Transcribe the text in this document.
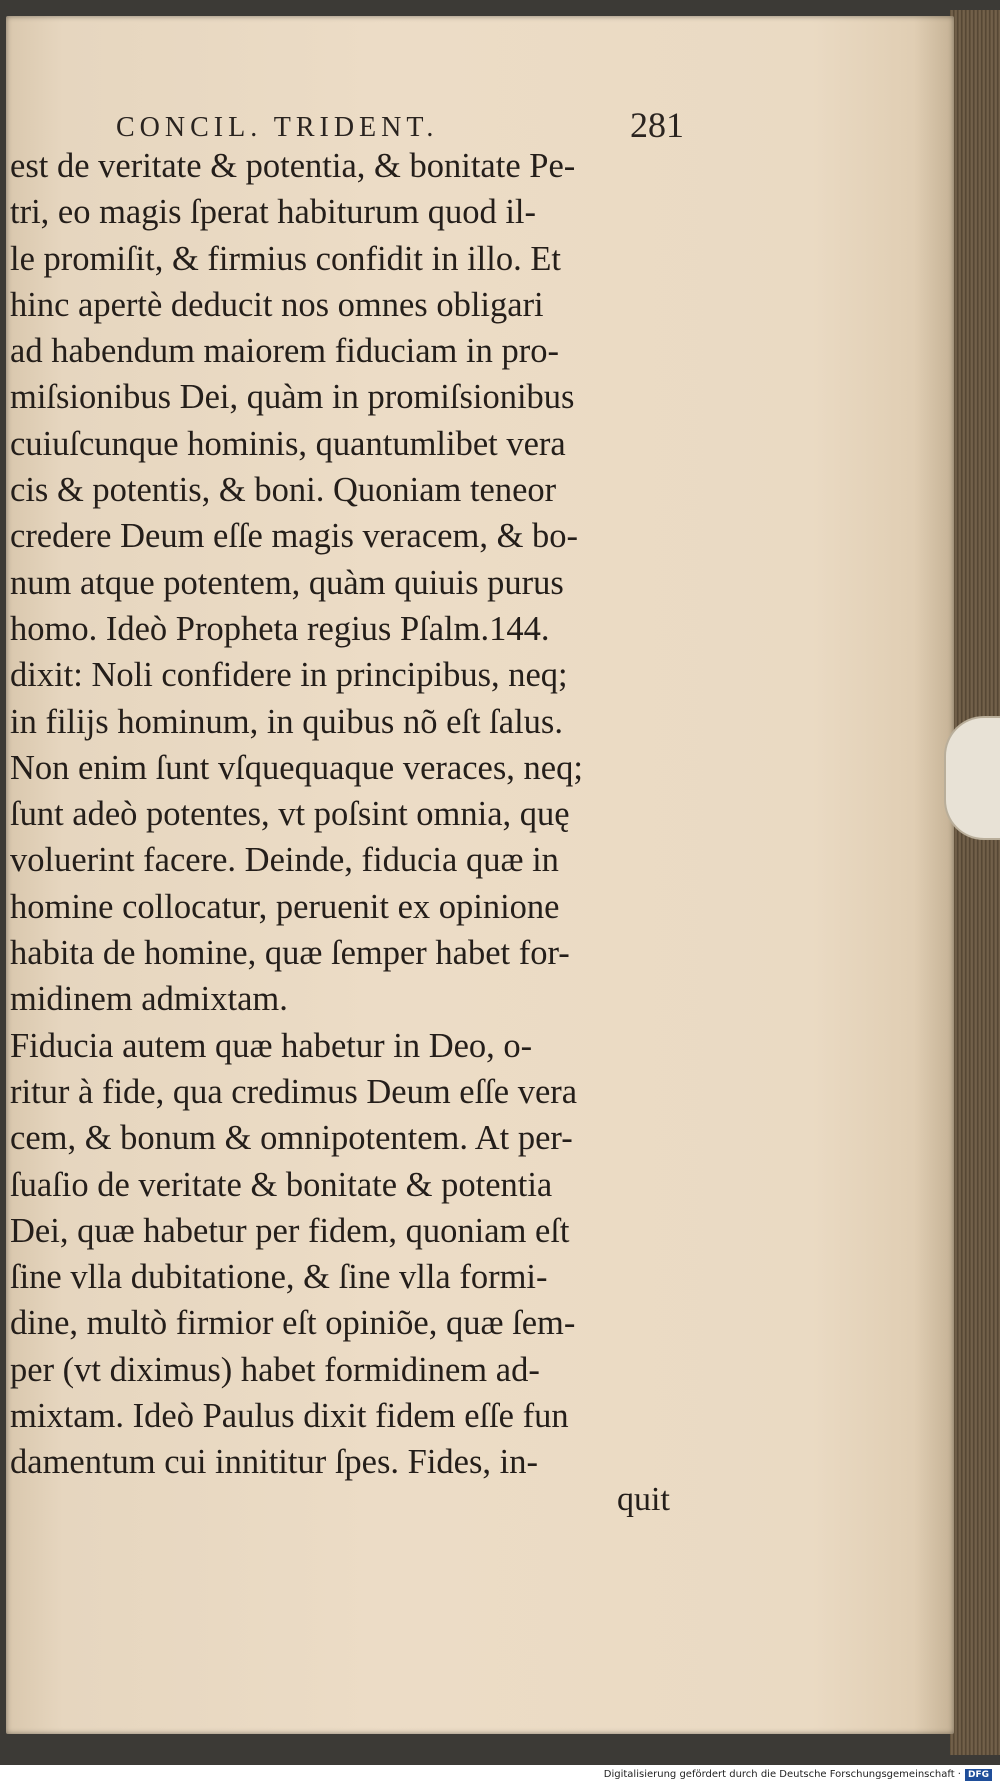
CONCIL. TRIDENT.	281
est de veritate & potentia, & bonitate Pe-
tri, eo magis ſperat habiturum quod il-
le promiſit, & firmius confidit in illo. Et
hinc apertè deducit nos omnes obligari
ad habendum maiorem fiduciam in pro-
miſsionibus Dei, quàm in promiſsionibus
cuiuſcunque hominis, quantumlibet vera
cis & potentis, & boni. Quoniam teneor
credere Deum eſſe magis veracem, & bo-
num atque potentem, quàm quiuis purus
homo. Ideò Propheta regius Pſalm.144.
dixit: Noli confidere in principibus, neq;
in filijs hominum, in quibus nõ eſt ſalus.
Non enim ſunt vſquequaque veraces, neq;
ſunt adeò potentes, vt poſsint omnia, quę
voluerint facere. Deinde, fiducia quæ in
homine collocatur, peruenit ex opinione
habita de homine, quæ ſemper habet for-
midinem admixtam.
Fiducia autem quæ habetur in Deo, o-
ritur à fide, qua credimus Deum eſſe vera
cem, & bonum & omnipotentem. At per-
ſuaſio de veritate & bonitate & potentia
Dei, quæ habetur per fidem, quoniam eſt
ſine vlla dubitatione, & ſine vlla formi-
dine, multò firmior eſt opiniõe, quæ ſem-
per (vt diximus) habet formidinem ad-
mixtam. Ideò Paulus dixit fidem eſſe fun
damentum cui innititur ſpes. Fides, in-
quit
Digitalisierung gefördert durch die Deutsche Forschungsgemeinschaft · DFG
